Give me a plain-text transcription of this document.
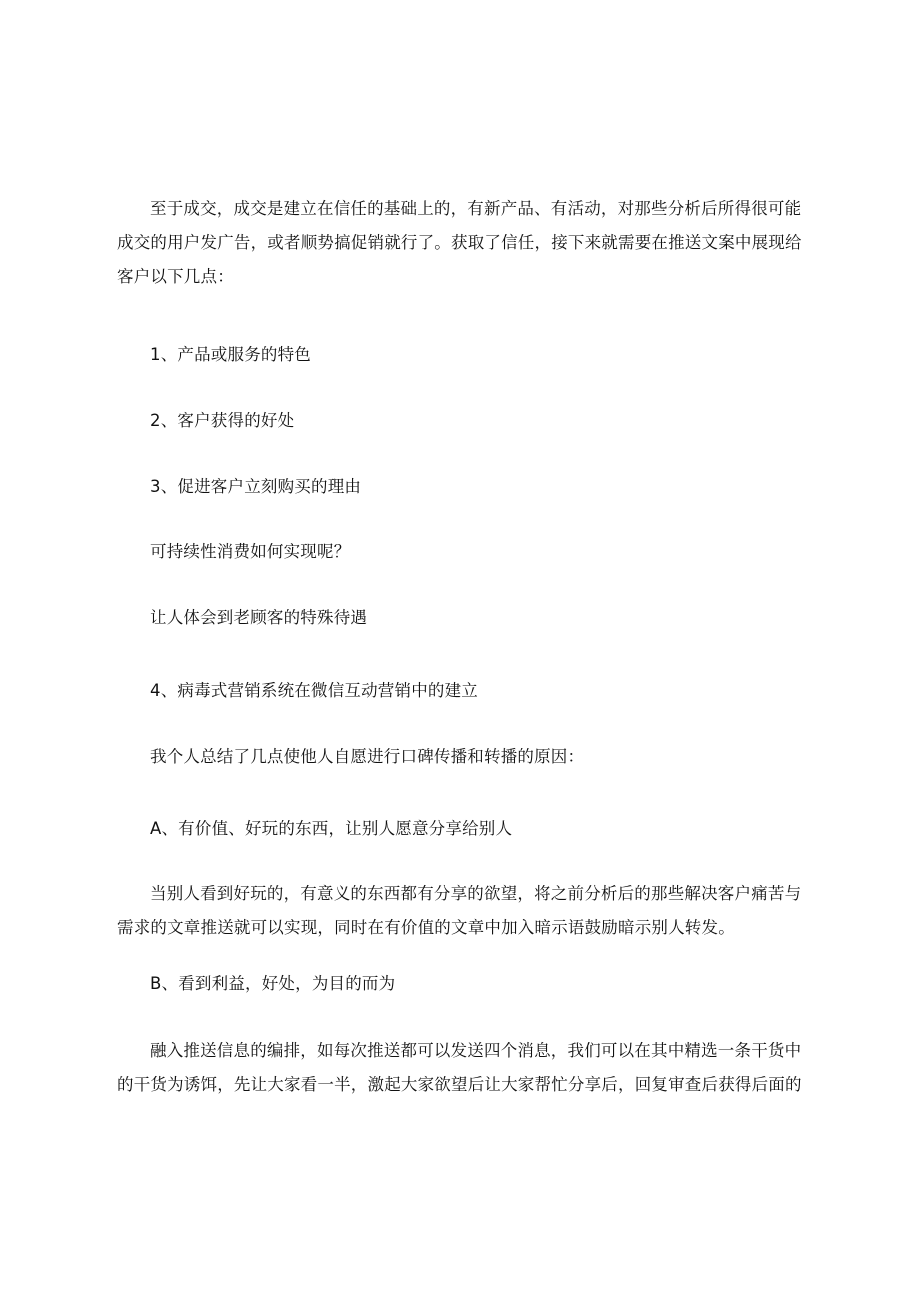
至于成交，成交是建立在信任的基础上的，有新产品、有活动，对那些分析后所得很可能
成交的用户发广告，或者顺势搞促销就行了。获取了信任，接下来就需要在推送文案中展现给
客户以下几点：

1、产品或服务的特色

2、客户获得的好处

3、促进客户立刻购买的理由

可持续性消费如何实现呢？

让人体会到老顾客的特殊待遇

4、病毒式营销系统在微信互动营销中的建立

我个人总结了几点使他人自愿进行口碑传播和转播的原因：

A、有价值、好玩的东西，让别人愿意分享给别人

当别人看到好玩的，有意义的东西都有分享的欲望，将之前分析后的那些解决客户痛苦与
需求的文章推送就可以实现，同时在有价值的文章中加入暗示语鼓励暗示别人转发。

B、看到利益，好处，为目的而为

融入推送信息的编排，如每次推送都可以发送四个消息，我们可以在其中精选一条干货中
的干货为诱饵，先让大家看一半，激起大家欲望后让大家帮忙分享后，回复审查后获得后面的
